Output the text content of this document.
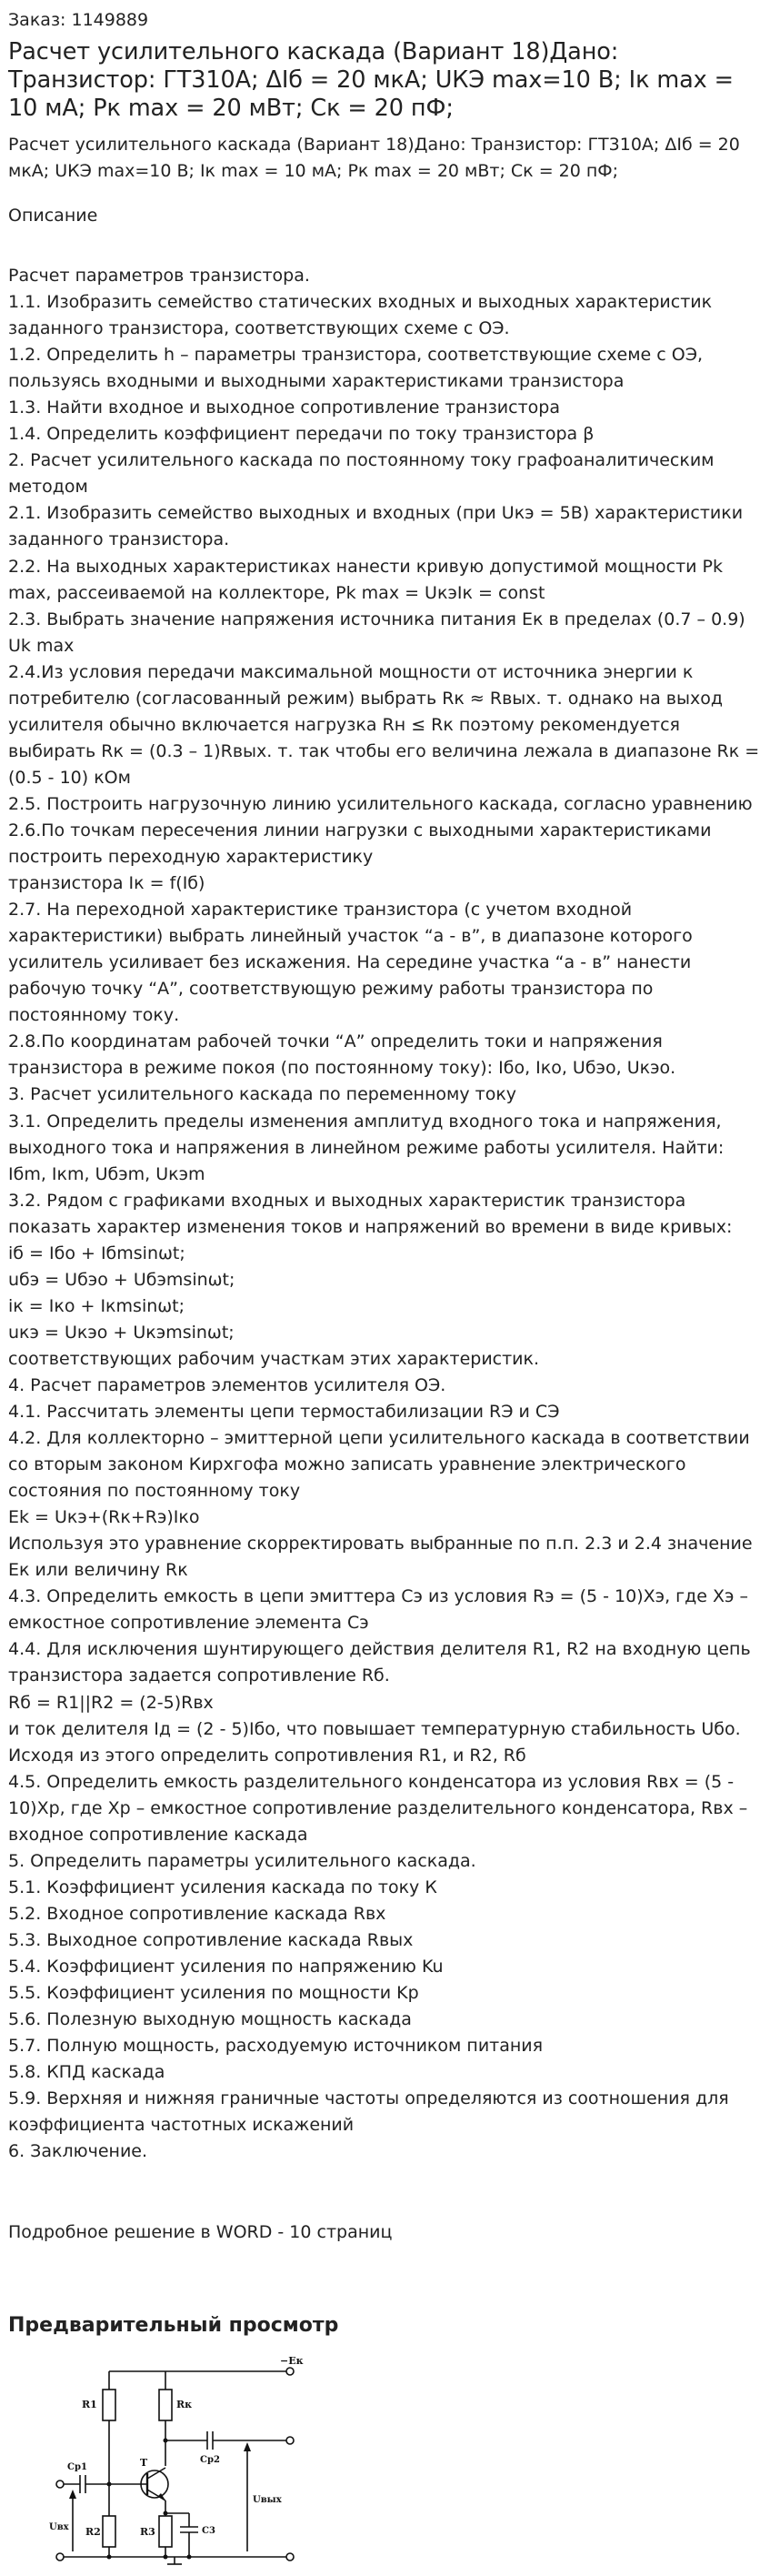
Заказ: 1149889
Расчет усилительного каскада (Вариант 18)Дано: Транзистор: ГТ310А; ΔIб = 20 мкА; UКЭ max=10 В; Iк max = 10 мА; Рк max = 20 мВт; Ск = 20 пФ;
Расчет усилительного каскада (Вариант 18)Дано: Транзистор: ГТ310А; ΔIб = 20 мкА; UКЭ max=10 В; Iк max = 10 мА; Рк max = 20 мВт; Ск = 20 пФ;
Описание
Расчет параметров транзистора.
1.1. Изобразить семейство статических входных и выходных характеристик заданного транзистора, соответствующих схеме с ОЭ.
1.2. Определить h – параметры транзистора, соответствующие схеме с ОЭ, пользуясь входными и выходными характеристиками транзистора
1.3. Найти входное и выходное сопротивление транзистора
1.4. Определить коэффициент передачи по току транзистора β
2. Расчет усилительного каскада по постоянному току графоаналитическим методом
2.1. Изобразить семейство выходных и входных (при Uкэ = 5В) характеристики заданного транзистора.
2.2. На выходных характеристиках нанести кривую допустимой мощности Pk max, рассеиваемой на коллекторе, Pk max = UкэIк = const
2.3. Выбрать значение напряжения источника питания Ек в пределах (0.7 – 0.9) Uk max
2.4.Из условия передачи максимальной мощности от источника энергии к потребителю (согласованный режим) выбрать Rк ≈ Rвых. т. однако на выход усилителя обычно включается нагрузка Rн ≤ Rк поэтому рекомендуется выбирать Rк = (0.3 – 1)Rвых. т. так чтобы его величина лежала в диапазоне Rк = (0.5 - 10) кОм
2.5. Построить нагрузочную линию усилительного каскада, согласно уравнению
2.6.По точкам пересечения линии нагрузки с выходными характеристиками построить переходную характеристику
транзистора Iк = f(Iб)
2.7. На переходной характеристике транзистора (с учетом входной характеристики) выбрать линейный участок “а - в”, в диапазоне которого усилитель усиливает без искажения. На середине участка “а - в” нанести рабочую точку “А”, соответствующую режиму работы транзистора по постоянному току.
2.8.По координатам рабочей точки “А” определить токи и напряжения транзистора в режиме покоя (по постоянному току): Iбо, Iко, Uбэо, Uкэо.
3. Расчет усилительного каскада по переменному току
3.1. Определить пределы изменения амплитуд входного тока и напряжения, выходного тока и напряжения в линейном режиме работы усилителя. Найти: Iбm, Iкm, Uбэm, Uкэm
3.2. Рядом с графиками входных и выходных характеристик транзистора показать характер изменения токов и напряжений во времени в виде кривых:
iб = Iбо + Iбmsinωt;
uбэ = Uбэо + Uбэmsinωt;
iк = Iко + Iкmsinωt;
uкэ = Uкэо + Uкэmsinωt;
соответствующих рабочим участкам этих характеристик.
4. Расчет параметров элементов усилителя ОЭ.
4.1. Рассчитать элементы цепи термостабилизации RЭ и СЭ
4.2. Для коллекторно – эмиттерной цепи усилительного каскада в соответствии со вторым законом Кирхгофа можно записать уравнение электрического состояния по постоянному току
Ek = Uкэ+(Rк+Rэ)Iко
Используя это уравнение скорректировать выбранные по п.п. 2.3 и 2.4 значение Ек или величину Rк
4.3. Определить емкость в цепи эмиттера Сэ из условия Rэ = (5 - 10)Xэ, где Xэ – емкостное сопротивление элемента Сэ
4.4. Для исключения шунтирующего действия делителя R1, R2 на входную цепь транзистора задается сопротивление Rб.
Rб = R1||R2 = (2-5)Rвх
и ток делителя Iд = (2 - 5)Iбо, что повышает температурную стабильность Uбо. Исходя из этого определить сопротивления R1, и R2, Rб
4.5. Определить емкость разделительного конденсатора из условия Rвх = (5 - 10)Xр, где Xр – емкостное сопротивление разделительного конденсатора, Rвх – входное сопротивление каскада
5. Определить параметры усилительного каскада.
5.1. Коэффициент усиления каскада по току К
5.2. Входное сопротивление каскада Rвх
5.3. Выходное сопротивление каскада Rвых
5.4. Коэффициент усиления по напряжению Ku
5.5. Коэффициент усиления по мощности Kр
5.6. Полезную выходную мощность каскада
5.7. Полную мощность, расходуемую источником питания
5.8. КПД каскада
5.9. Верхняя и нижняя граничные частоты определяются из соотношения для коэффициента частотных искажений
6. Заключение.
Подробное решение в WORD - 10 страниц
Предварительный просмотр
−Eк
R1	Rк
T	Cр2
Cр1
Uвх
Uвых
R2	R3	C3
